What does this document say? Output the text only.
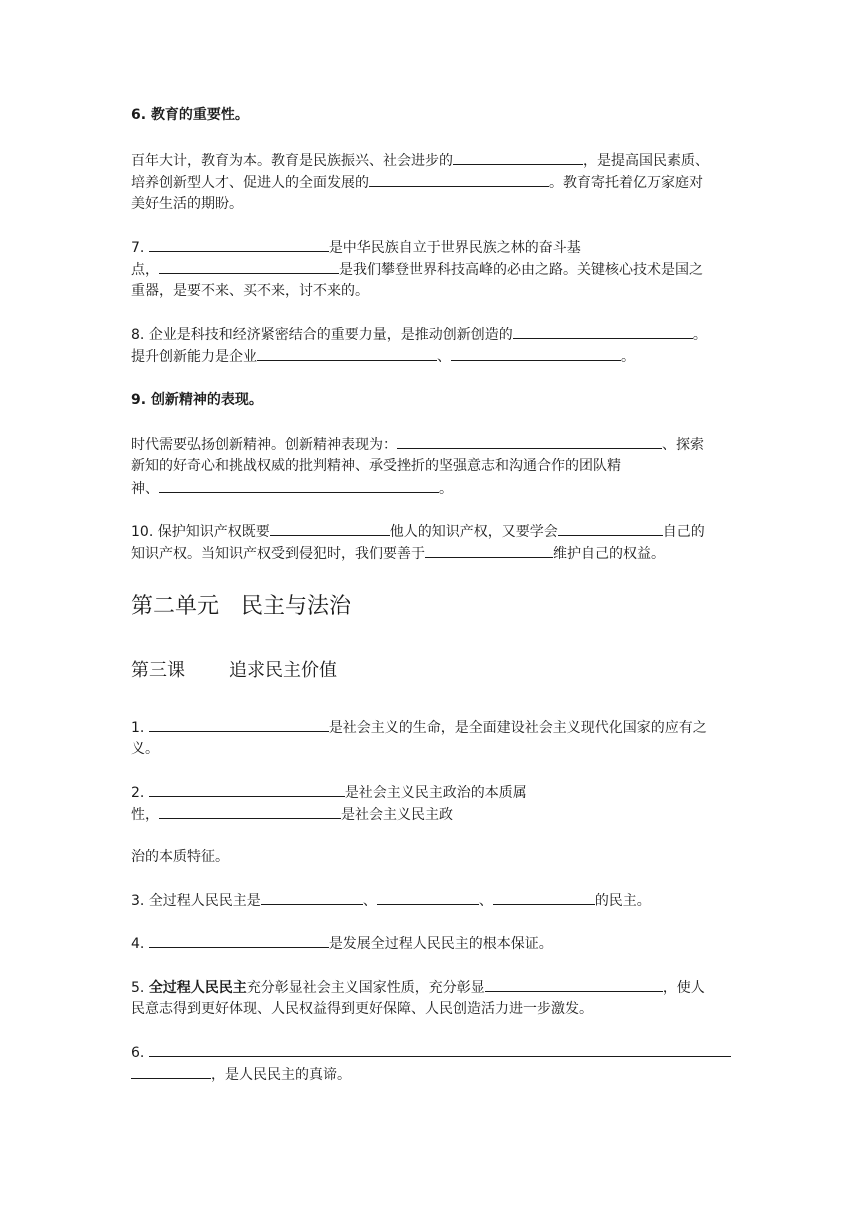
6. 教育的重要性。

百年大计，教育为本。教育是民族振兴、社会进步的	，是提高国民素质、

培养创新型人才、促进人的全面发展的	。教育寄托着亿万家庭对

美好生活的期盼。

7.	是中华民族自立于世界民族之林的奋斗基

点，	是我们攀登世界科技高峰的必由之路。关键核心技术是国之

重器，是要不来、买不来，讨不来的。

8. 企业是科技和经济紧密结合的重要力量，是推动创新创造的	。

提升创新能力是企业	、	。

9. 创新精神的表现。

时代需要弘扬创新精神。创新精神表现为：	、探索

新知的好奇心和挑战权威的批判精神、承受挫折的坚强意志和沟通合作的团队精

神、	。

10. 保护知识产权既要	他人的知识产权，又要学会	自己的

知识产权。当知识产权受到侵犯时，我们要善于	维护自己的权益。

第二单元 民主与法治
第三课 追求民主价值

1.	是社会主义的生命，是全面建设社会主义现代化国家的应有之

义。

2.	是社会主义民主政治的本质属

性，	是社会主义民主政

治的本质特征。

3. 全过程人民民主是	、	、	的民主。

4.	是发展全过程人民民主的根本保证。

5. 全过程人民民主充分彰显社会主义国家性质，充分彰显	，使人

民意志得到更好体现、人民权益得到更好保障、人民创造活力进一步激发。

6.

，是人民民主的真谛。
